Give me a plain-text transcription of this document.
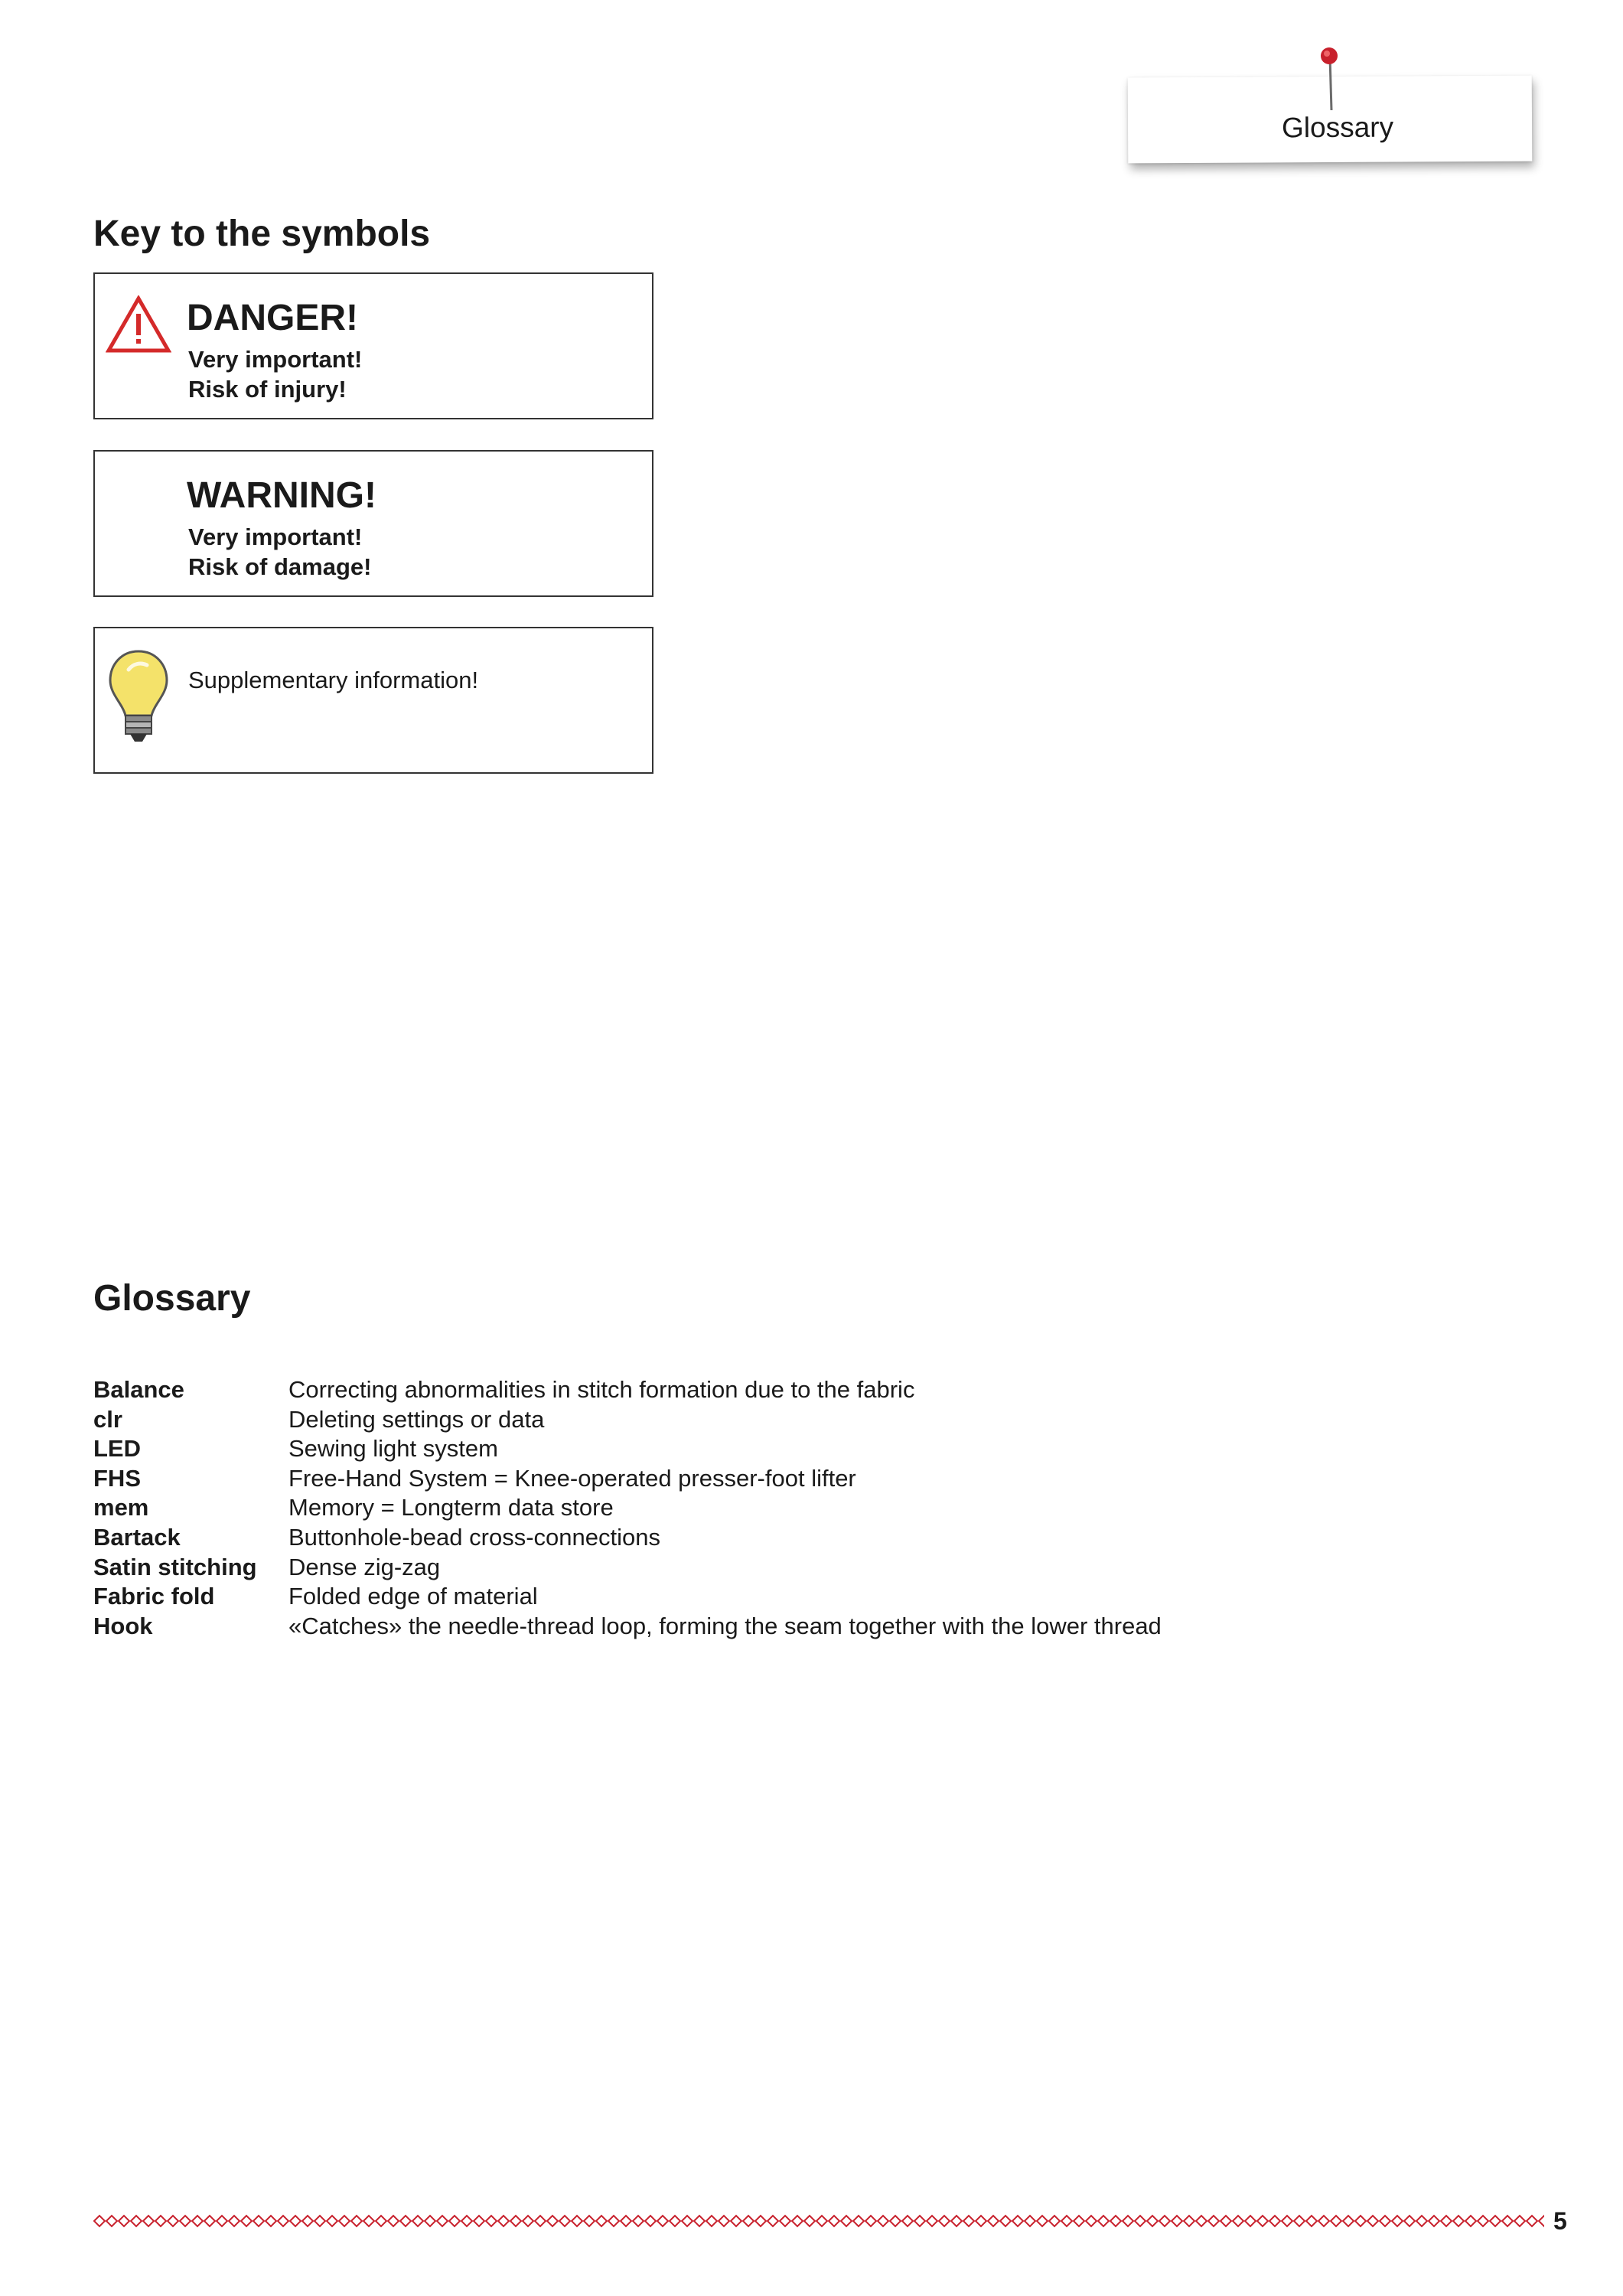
Glossary
Key to the symbols
DANGER!
Very important!
Risk of injury!
WARNING!
Very important!
Risk of damage!
Supplementary information!
Glossary
Balance	Correcting abnormalities in stitch formation due to the fabric
clr	Deleting settings or data
LED	Sewing light system
FHS	Free-Hand System = Knee-operated presser-foot lifter
mem	Memory = Longterm data store
Bartack	Buttonhole-bead cross-connections
Satin stitching	Dense zig-zag
Fabric fold	Folded edge of material
Hook	«Catches» the needle-thread loop, forming the seam together with the lower thread
5
